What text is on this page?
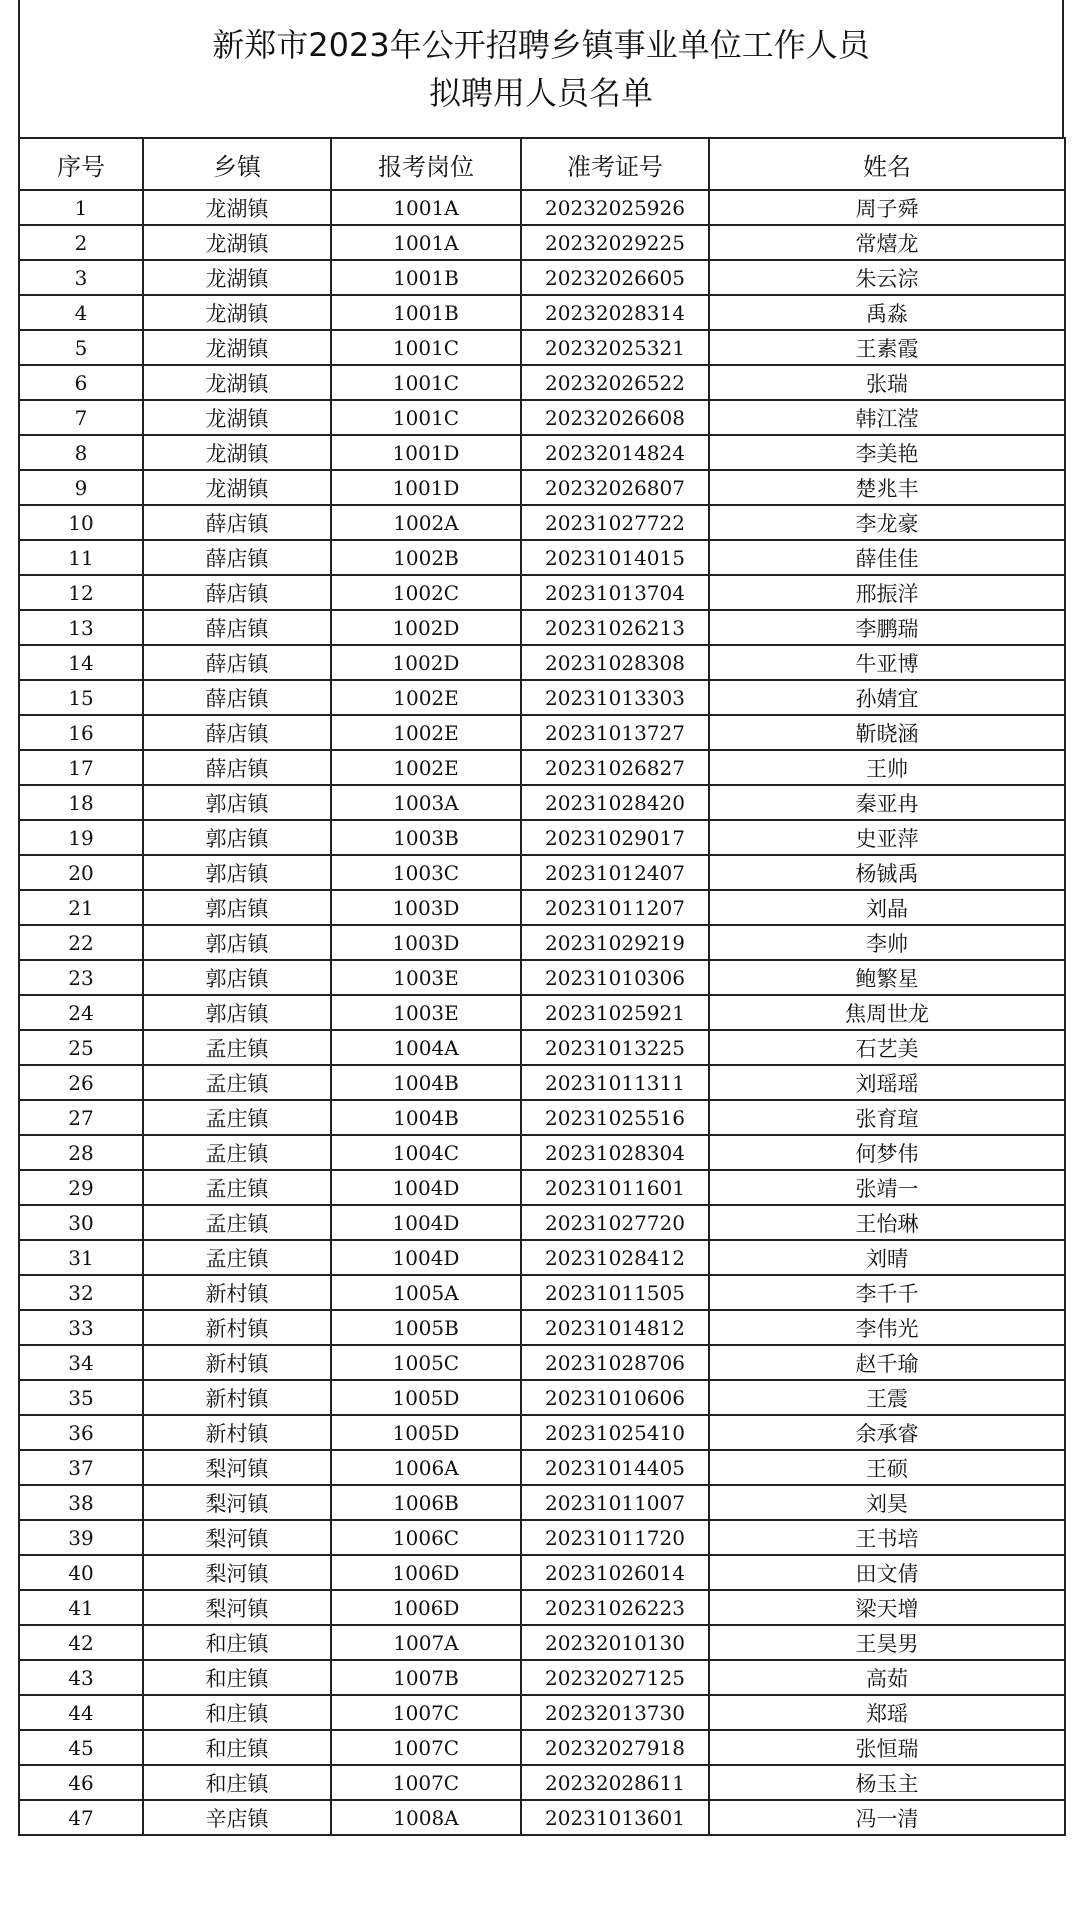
新郑市2023年公开招聘乡镇事业单位工作人员
拟聘用人员名单
序号	乡镇	报考岗位	准考证号	姓名
1	龙湖镇	1001A	20232025926	周子舜
2	龙湖镇	1001A	20232029225	常熺龙
3	龙湖镇	1001B	20232026605	朱云淙
4	龙湖镇	1001B	20232028314	禹淼
5	龙湖镇	1001C	20232025321	王素霞
6	龙湖镇	1001C	20232026522	张瑞
7	龙湖镇	1001C	20232026608	韩江滢
8	龙湖镇	1001D	20232014824	李美艳
9	龙湖镇	1001D	20232026807	楚兆丰
10	薛店镇	1002A	20231027722	李龙豪
11	薛店镇	1002B	20231014015	薛佳佳
12	薛店镇	1002C	20231013704	邢振洋
13	薛店镇	1002D	20231026213	李鹏瑞
14	薛店镇	1002D	20231028308	牛亚博
15	薛店镇	1002E	20231013303	孙婧宜
16	薛店镇	1002E	20231013727	靳晓涵
17	薛店镇	1002E	20231026827	王帅
18	郭店镇	1003A	20231028420	秦亚冉
19	郭店镇	1003B	20231029017	史亚萍
20	郭店镇	1003C	20231012407	杨铖禹
21	郭店镇	1003D	20231011207	刘晶
22	郭店镇	1003D	20231029219	李帅
23	郭店镇	1003E	20231010306	鲍繁星
24	郭店镇	1003E	20231025921	焦周世龙
25	孟庄镇	1004A	20231013225	石艺美
26	孟庄镇	1004B	20231011311	刘瑶瑶
27	孟庄镇	1004B	20231025516	张育瑄
28	孟庄镇	1004C	20231028304	何梦伟
29	孟庄镇	1004D	20231011601	张靖一
30	孟庄镇	1004D	20231027720	王怡琳
31	孟庄镇	1004D	20231028412	刘晴
32	新村镇	1005A	20231011505	李千千
33	新村镇	1005B	20231014812	李伟光
34	新村镇	1005C	20231028706	赵千瑜
35	新村镇	1005D	20231010606	王震
36	新村镇	1005D	20231025410	余承睿
37	梨河镇	1006A	20231014405	王硕
38	梨河镇	1006B	20231011007	刘昊
39	梨河镇	1006C	20231011720	王书培
40	梨河镇	1006D	20231026014	田文倩
41	梨河镇	1006D	20231026223	梁天增
42	和庄镇	1007A	20232010130	王昊男
43	和庄镇	1007B	20232027125	高茹
44	和庄镇	1007C	20232013730	郑瑶
45	和庄镇	1007C	20232027918	张恒瑞
46	和庄镇	1007C	20232028611	杨玉主
47	辛店镇	1008A	20231013601	冯一清
